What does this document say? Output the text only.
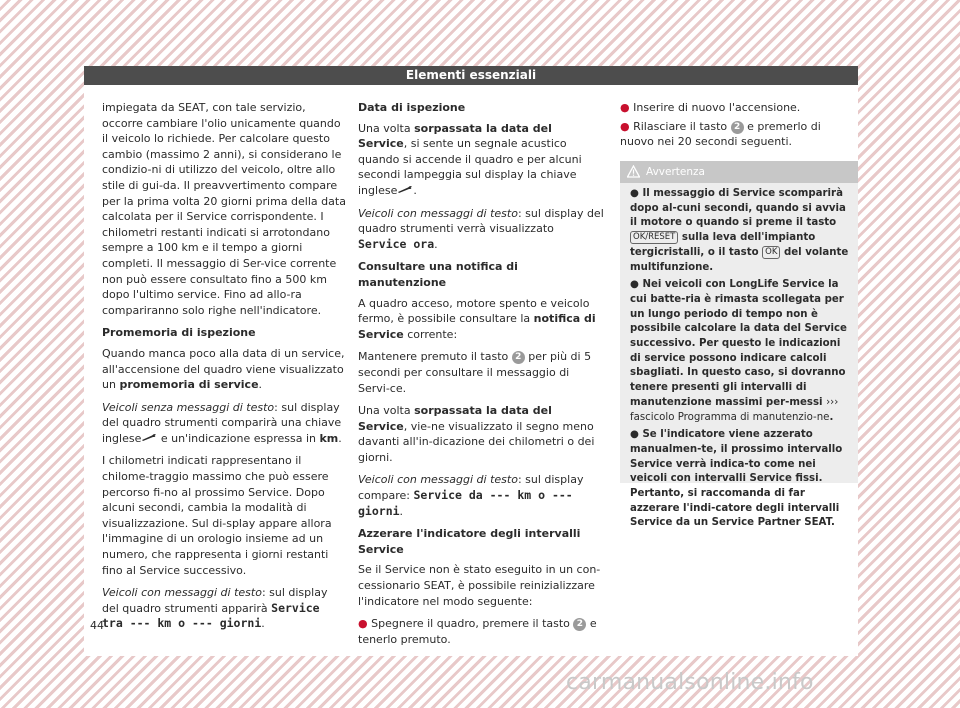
Elementi essenziali

impiegata da SEAT, con tale servizio, occorre cambiare l'olio unicamente quando il veicolo lo richiede. Per calcolare questo cambio (massimo 2 anni), si considerano le condizio-ni di utilizzo del veicolo, oltre allo stile di gui-da. Il preavvertimento compare per la prima volta 20 giorni prima della data calcolata per il Service corrispondente. I chilometri restanti indicati si arrotondano sempre a 100 km e il tempo a giorni completi. Il messaggio di Ser-vice corrente non può essere consultato fino a 500 km dopo l'ultimo service. Fino ad allo-ra compariranno solo righe nell'indicatore.

Promemoria di ispezione

Quando manca poco alla data di un service, all'accensione del quadro viene visualizzato un promemoria di service.

Veicoli senza messaggi di testo: sul display del quadro strumenti comparirà una chiave inglese e un'indicazione espressa in km.

I chilometri indicati rappresentano il chilome-traggio massimo che può essere percorso fi-no al prossimo Service. Dopo alcuni secondi, cambia la modalità di visualizzazione. Sul di-splay appare allora l'immagine di un orologio insieme ad un numero, che rappresenta i giorni restanti fino al Service successivo.

Veicoli con messaggi di testo: sul display del quadro strumenti apparirà Service tra --- km o --- giorni.

Data di ispezione

Una volta sorpassata la data del Service, si sente un segnale acustico quando si accende il quadro e per alcuni secondi lampeggia sul display la chiave inglese .

Veicoli con messaggi di testo: sul display del quadro strumenti verrà visualizzato Service ora.

Consultare una notifica di manutenzione

A quadro acceso, motore spento e veicolo fermo, è possibile consultare la notifica di Service corrente:

Mantenere premuto il tasto 2 per più di 5 secondi per consultare il messaggio di Servi-ce.

Una volta sorpassata la data del Service, vie-ne visualizzato il segno meno davanti all'in-dicazione dei chilometri o dei giorni.

Veicoli con messaggi di testo: sul display compare: Service da --- km o --- giorni.

Azzerare l'indicatore degli intervalli Service

Se il Service non è stato eseguito in un con-cessionario SEAT, è possibile reinizializzare l'indicatore nel modo seguente:

● Spegnere il quadro, premere il tasto 2 e tenerlo premuto.

● Inserire di nuovo l'accensione.

● Rilasciare il tasto 2 e premerlo di nuovo nei 20 secondi seguenti.

Avvertenza

● Il messaggio di Service scomparirà dopo al-cuni secondi, quando si avvia il motore o quando si preme il tasto OK/RESET sulla leva dell'impianto tergicristalli, o il tasto OK del volante multifunzione.

● Nei veicoli con LongLife Service la cui batte-ria è rimasta scollegata per un lungo periodo di tempo non è possibile calcolare la data del Service successivo. Per questo le indicazioni di service possono indicare calcoli sbagliati. In questo caso, si dovranno tenere presenti gli intervalli di manutenzione massimi per-messi ››› fascicolo Programma di manutenzio-ne.

● Se l'indicatore viene azzerato manualmen-te, il prossimo intervallo Service verrà indica-to come nei veicoli con intervalli Service fissi. Pertanto, si raccomanda di far azzerare l'indi-catore degli intervalli Service da un Service Partner SEAT.

44
carmanualsonline.info
